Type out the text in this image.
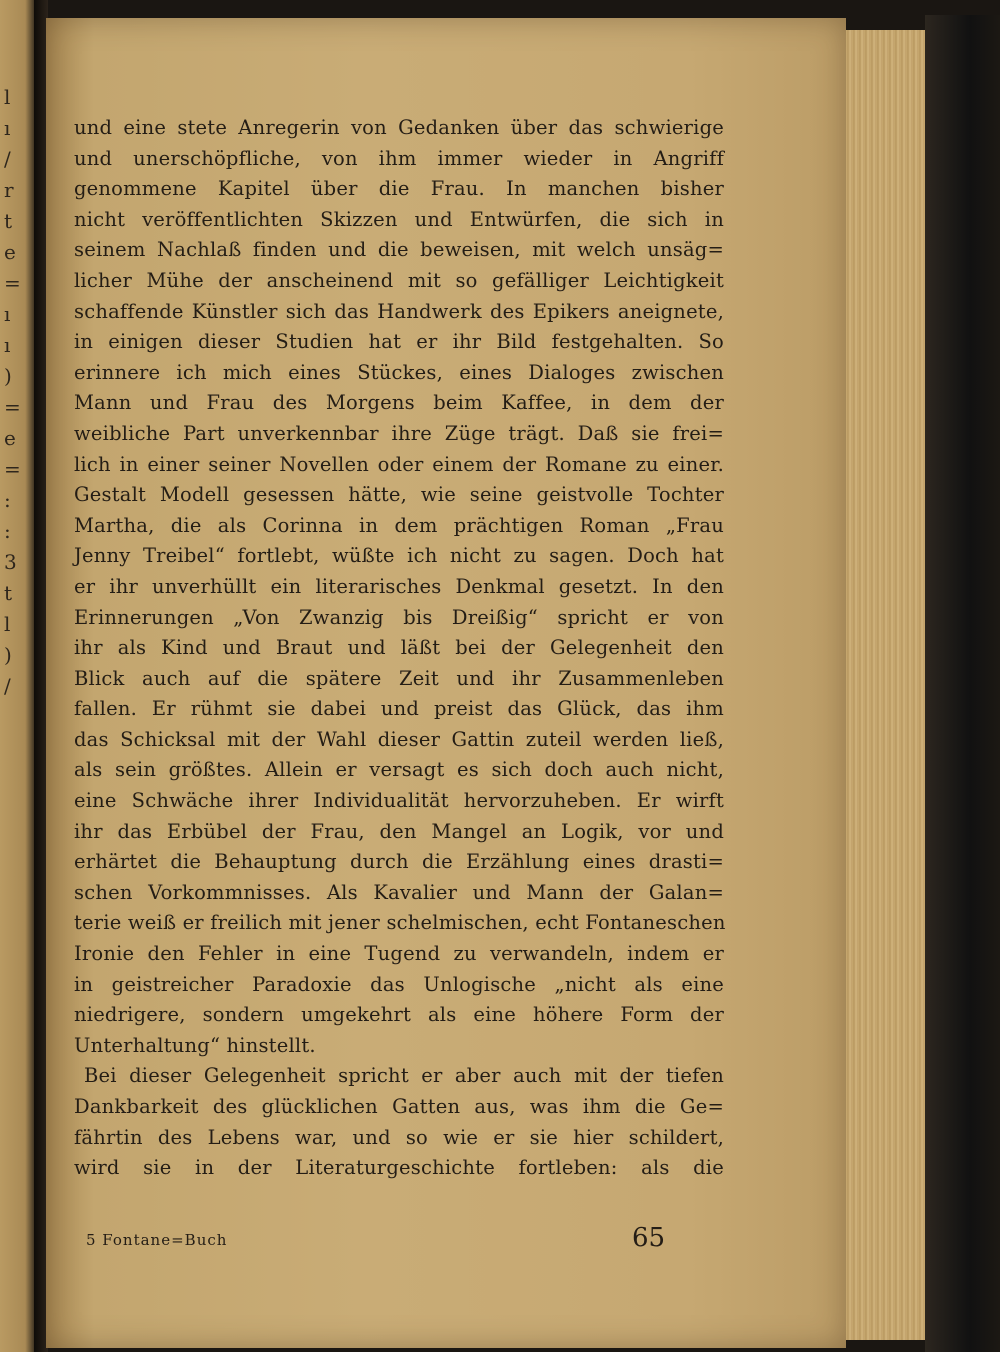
l
ı
/
r
t
e
=
ı
ı
)
=
e
=
:
:
3
t
l
)
/
und eine stete Anregerin von Gedanken über das schwierige
und unerschöpfliche, von ihm immer wieder in Angriff
genommene Kapitel über die Frau. In manchen bisher
nicht veröffentlichten Skizzen und Entwürfen, die sich in
seinem Nachlaß finden und die beweisen, mit welch unsäg=
licher Mühe der anscheinend mit so gefälliger Leichtigkeit
schaffende Künstler sich das Handwerk des Epikers aneignete,
in einigen dieser Studien hat er ihr Bild festgehalten. So
erinnere ich mich eines Stückes, eines Dialoges zwischen
Mann und Frau des Morgens beim Kaffee, in dem der
weibliche Part unverkennbar ihre Züge trägt. Daß sie frei=
lich in einer seiner Novellen oder einem der Romane zu einer.
Gestalt Modell gesessen hätte, wie seine geistvolle Tochter
Martha, die als Corinna in dem prächtigen Roman „Frau
Jenny Treibel“ fortlebt, wüßte ich nicht zu sagen. Doch hat
er ihr unverhüllt ein literarisches Denkmal gesetzt. In den
Erinnerungen „Von Zwanzig bis Dreißig“ spricht er von
ihr als Kind und Braut und läßt bei der Gelegenheit den
Blick auch auf die spätere Zeit und ihr Zusammenleben
fallen. Er rühmt sie dabei und preist das Glück, das ihm
das Schicksal mit der Wahl dieser Gattin zuteil werden ließ,
als sein größtes. Allein er versagt es sich doch auch nicht,
eine Schwäche ihrer Individualität hervorzuheben. Er wirft
ihr das Erbübel der Frau, den Mangel an Logik, vor und
erhärtet die Behauptung durch die Erzählung eines drasti=
schen Vorkommnisses. Als Kavalier und Mann der Galan=
terie weiß er freilich mit jener schelmischen, echt Fontaneschen
Ironie den Fehler in eine Tugend zu verwandeln, indem er
in geistreicher Paradoxie das Unlogische „nicht als eine
niedrigere, sondern umgekehrt als eine höhere Form der
Unterhaltung“ hinstellt.
Bei dieser Gelegenheit spricht er aber auch mit der tiefen
Dankbarkeit des glücklichen Gatten aus, was ihm die Ge=
fährtin des Lebens war, und so wie er sie hier schildert,
wird sie in der Literaturgeschichte fortleben: als die
5 Fontane=Buch	65
